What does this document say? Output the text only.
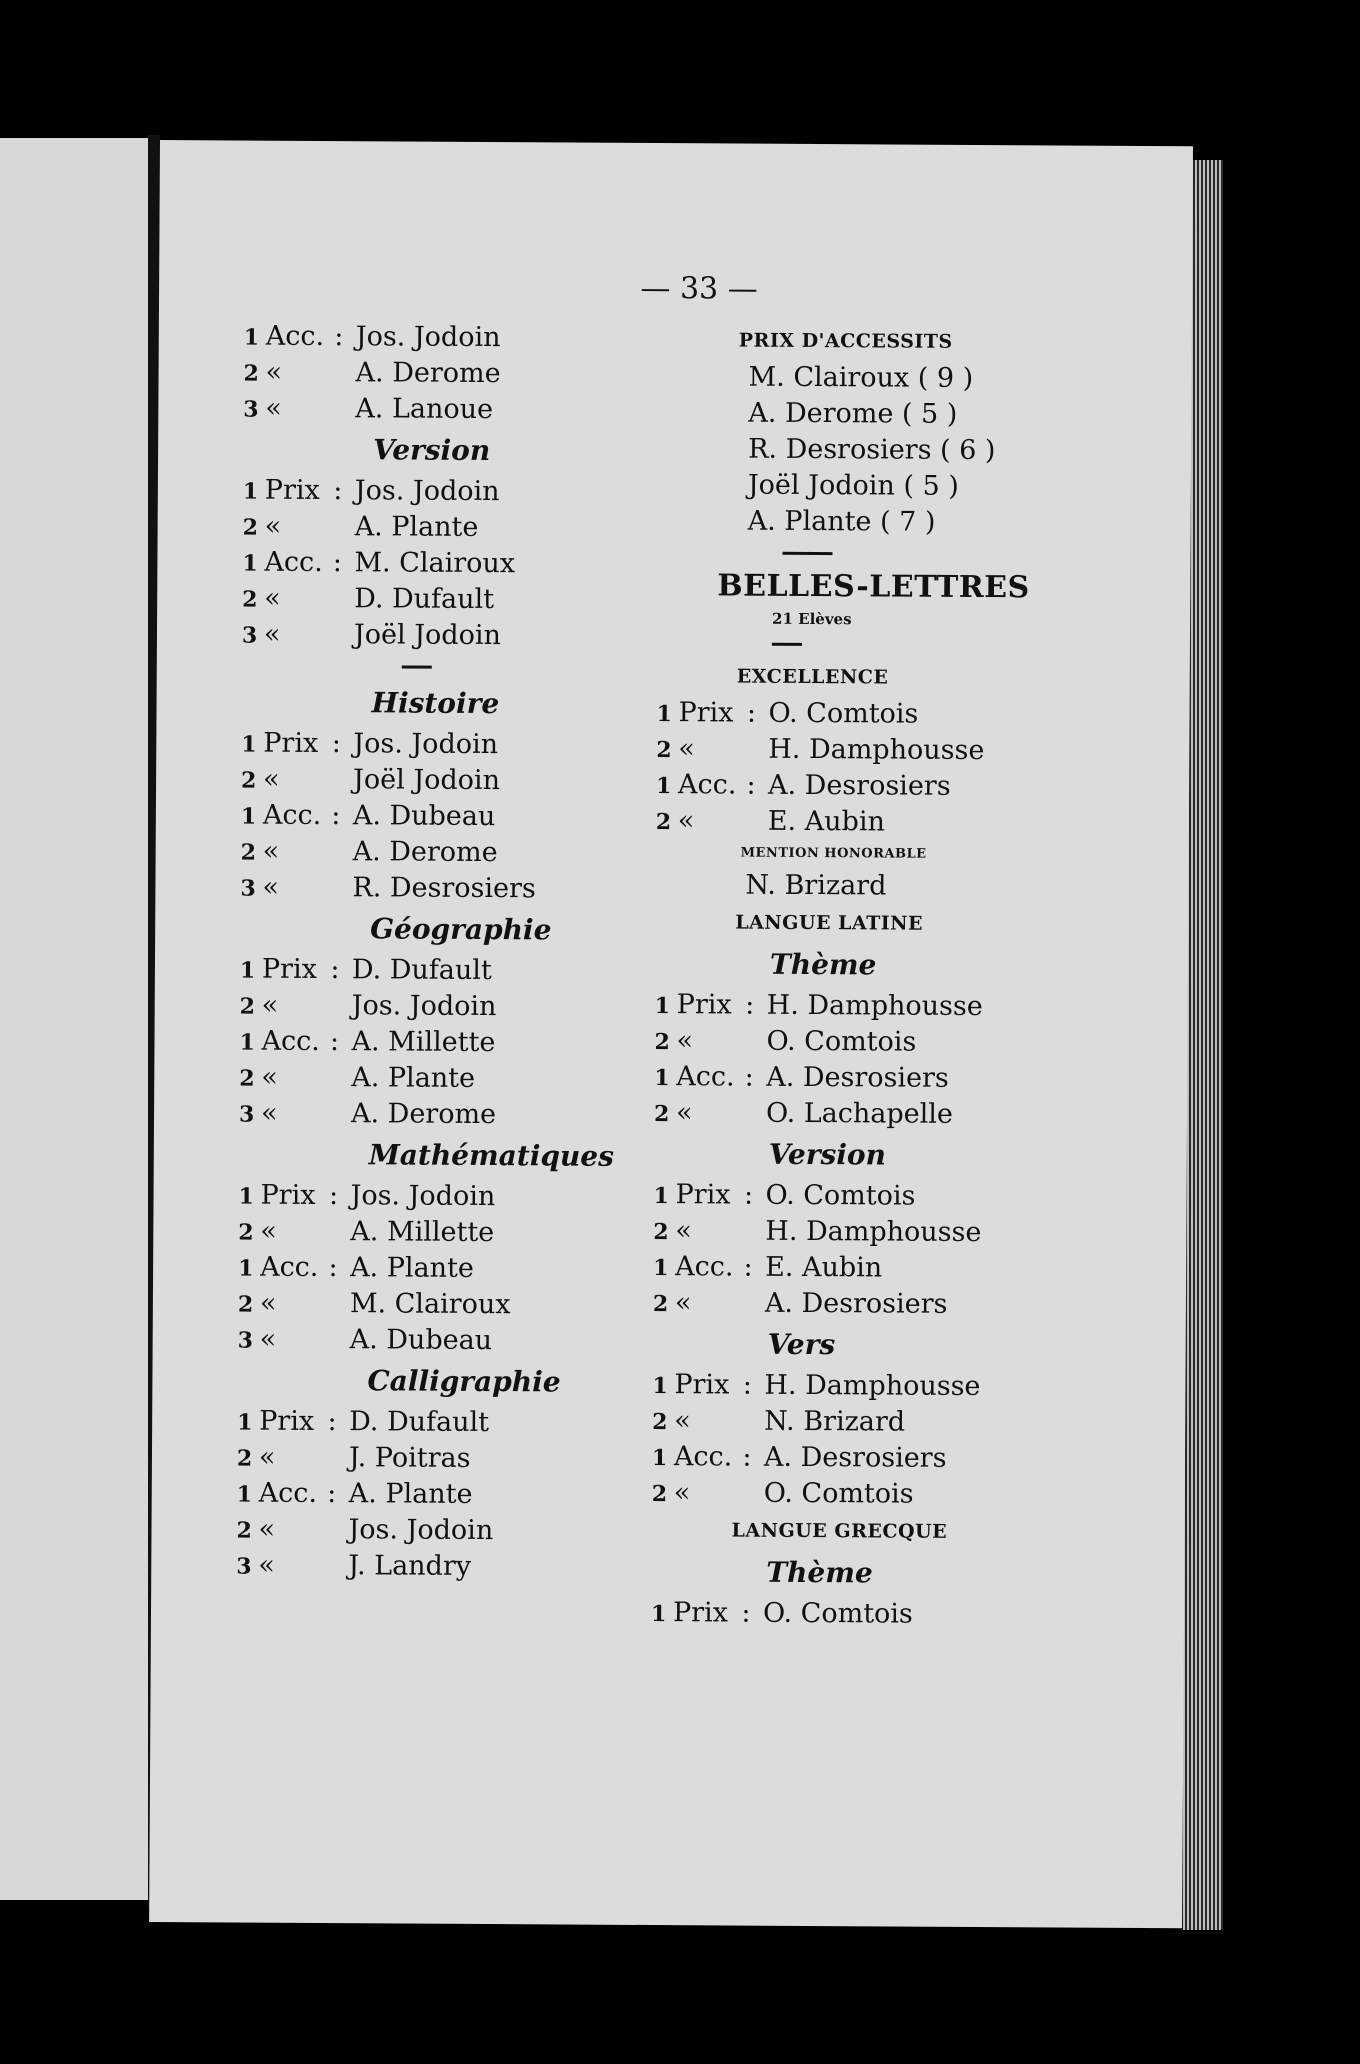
— 33 —
1 Acc. : Jos. Jodoin
2 «	A. Derome
3 «	A. Lanoue
Version
1 Prix : Jos. Jodoin
2 «	A. Plante
1 Acc. : M. Clairoux
2 «	D. Dufault
3 «	Joël Jodoin
Histoire
1 Prix : Jos. Jodoin
2 «	Joël Jodoin
1 Acc. : A. Dubeau
2 «	A. Derome
3 «	R. Desrosiers
Géographie
1 Prix : D. Dufault
2 «	Jos. Jodoin
1 Acc. : A. Millette
2 «	A. Plante
3 «	A. Derome
Mathématiques
1 Prix : Jos. Jodoin
2 «	A. Millette
1 Acc. : A. Plante
2 «	M. Clairoux
3 «	A. Dubeau
Calligraphie
1 Prix : D. Dufault
2 «	J. Poitras
1 Acc. : A. Plante
2 «	Jos. Jodoin
3 «	J. Landry
PRIX D'ACCESSITS
M. Clairoux ( 9 )
A. Derome ( 5 )
R. Desrosiers ( 6 )
Joël Jodoin ( 5 )
A. Plante ( 7 )
BELLES-LETTRES
21 Elèves
EXCELLENCE
1 Prix : O. Comtois
2 «	H. Damphousse
1 Acc. : A. Desrosiers
2 «	E. Aubin
MENTION HONORABLE
N. Brizard
LANGUE LATINE
Thème
1 Prix : H. Damphousse
2 «	O. Comtois
1 Acc. : A. Desrosiers
2 «	O. Lachapelle
Version
1 Prix : O. Comtois
2 «	H. Damphousse
1 Acc. : E. Aubin
2 «	A. Desrosiers
Vers
1 Prix : H. Damphousse
2 «	N. Brizard
1 Acc. : A. Desrosiers
2 «	O. Comtois
LANGUE GRECQUE
Thème
1 Prix : O. Comtois
